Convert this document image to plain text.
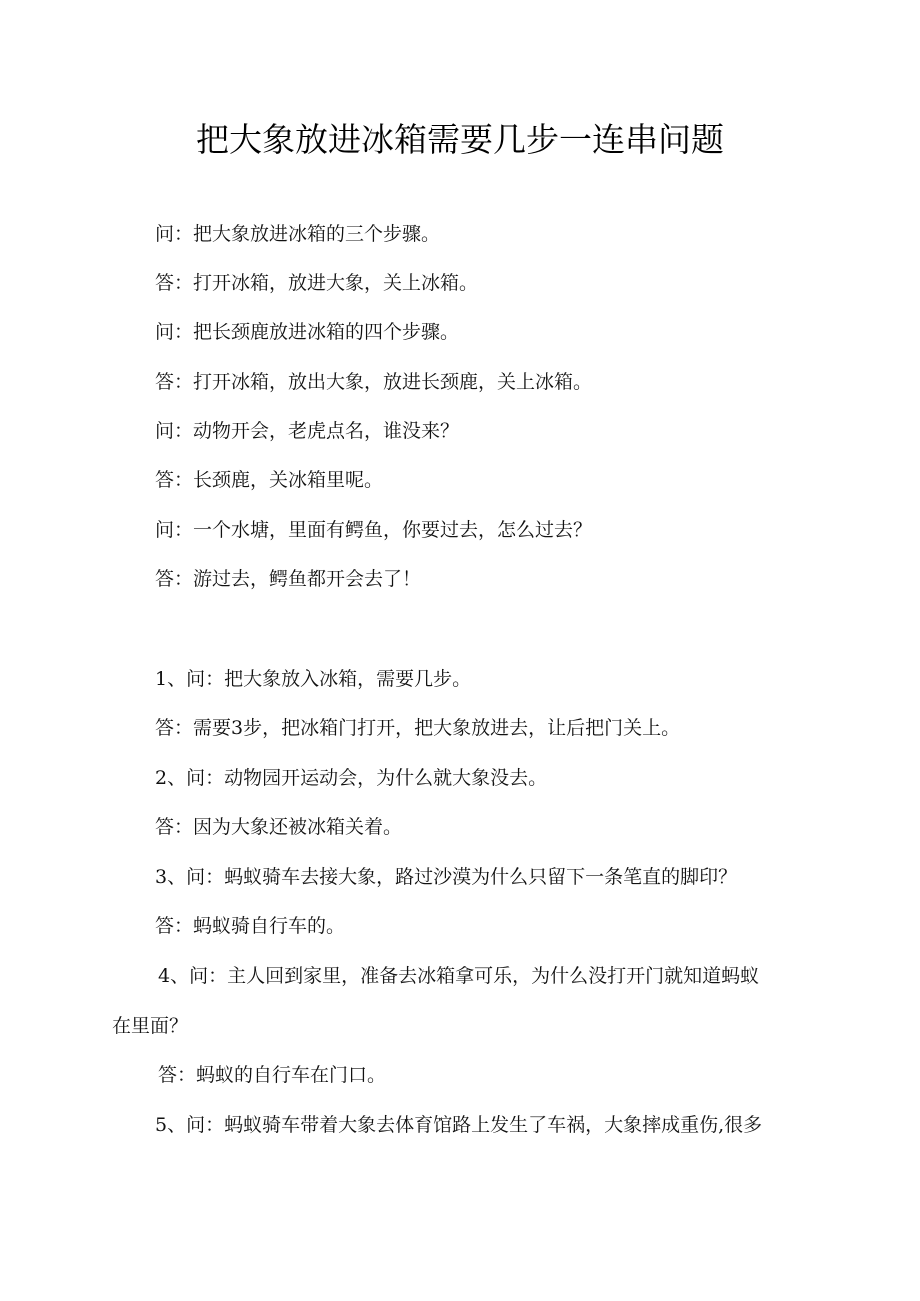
把大象放进冰箱需要几步一连串问题
问：把大象放进冰箱的三个步骤。
答：打开冰箱，放进大象，关上冰箱。
问：把长颈鹿放进冰箱的四个步骤。
答：打开冰箱，放出大象，放进长颈鹿，关上冰箱。
问：动物开会，老虎点名，谁没来？
答：长颈鹿，关冰箱里呢。
问：一个水塘，里面有鳄鱼，你要过去，怎么过去？
答：游过去，鳄鱼都开会去了！
1、问：把大象放入冰箱，需要几步。
答：需要3步，把冰箱门打开，把大象放进去，让后把门关上。
2、问：动物园开运动会，为什么就大象没去。
答：因为大象还被冰箱关着。
3、问：蚂蚁骑车去接大象，路过沙漠为什么只留下一条笔直的脚印？
答：蚂蚁骑自行车的。
4、问：主人回到家里，准备去冰箱拿可乐，为什么没打开门就知道蚂蚁
在里面？
答：蚂蚁的自行车在门口。
5、问：蚂蚁骑车带着大象去体育馆路上发生了车祸，大象摔成重伤,很多
